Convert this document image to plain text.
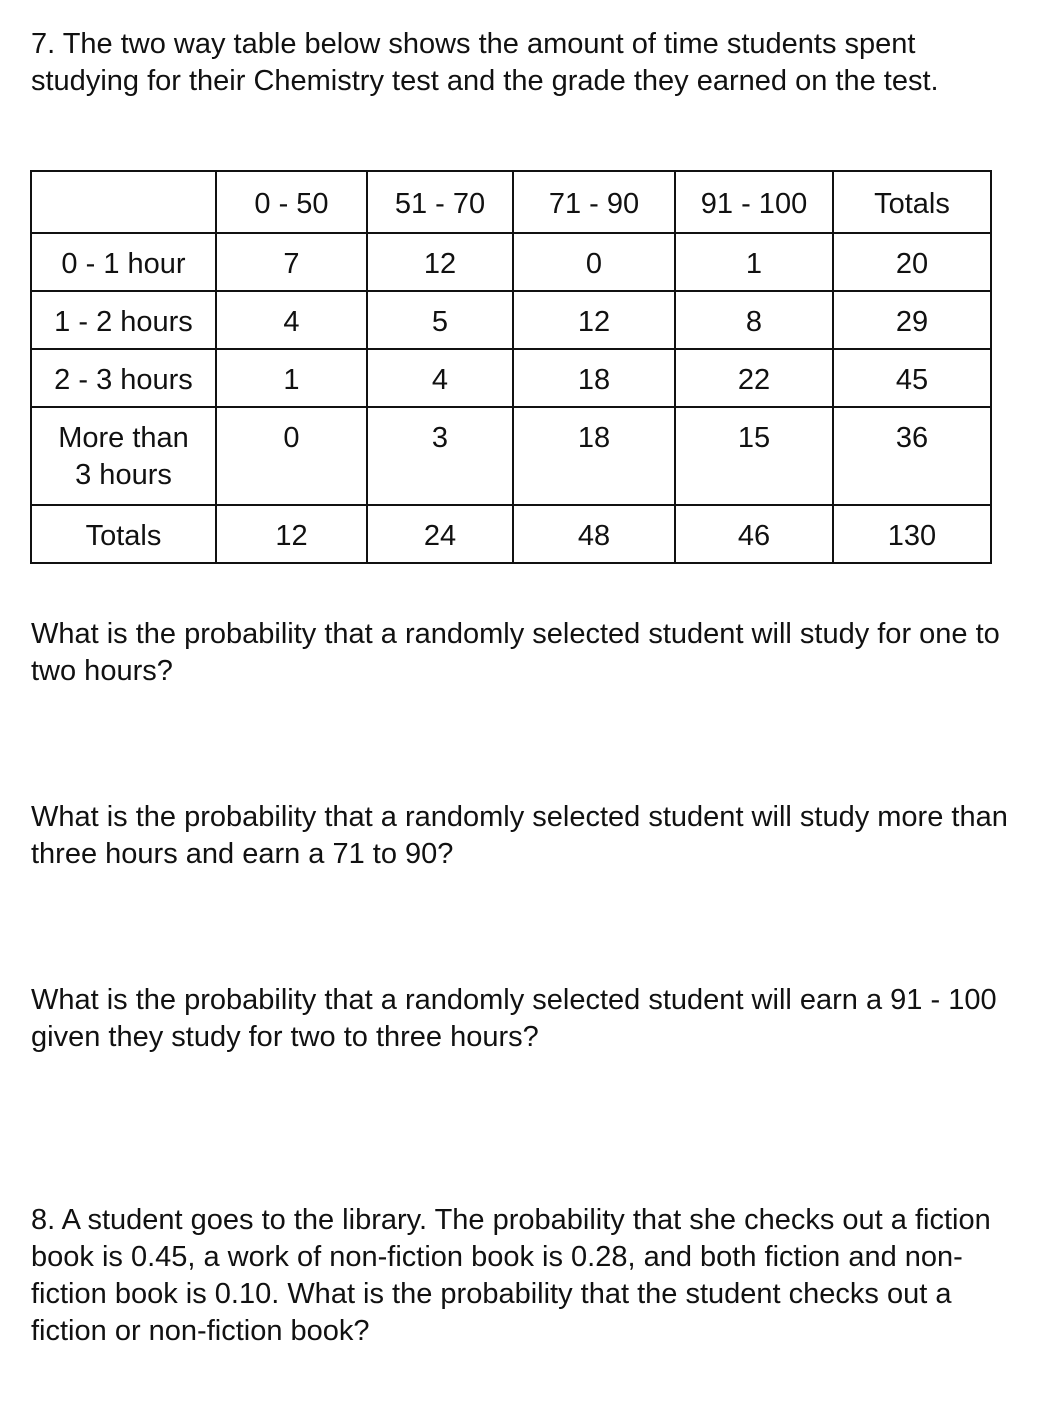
7. The two way table below shows the amount of time students spent studying for their Chemistry test and the grade they earned on the test.

	0 - 50	51 - 70	71 - 90	91 - 100	Totals
0 - 1 hour	7	12	0	1	20
1 - 2 hours	4	5	12	8	29
2 - 3 hours	1	4	18	22	45

More than
3 hours	0	3	18	15	36
Totals	12	24	48	46	130

What is the probability that a randomly selected student will study for one to two hours?

What is the probability that a randomly selected student will study more than three hours and earn a 71 to 90?

What is the probability that a randomly selected student will earn a 91 - 100 given they study for two to three hours?

8. A student goes to the library. The probability that she checks out a fiction book is 0.45, a work of non-fiction book is 0.28, and both fiction and non-fiction book is 0.10. What is the probability that the student checks out a fiction or non-fiction book?
